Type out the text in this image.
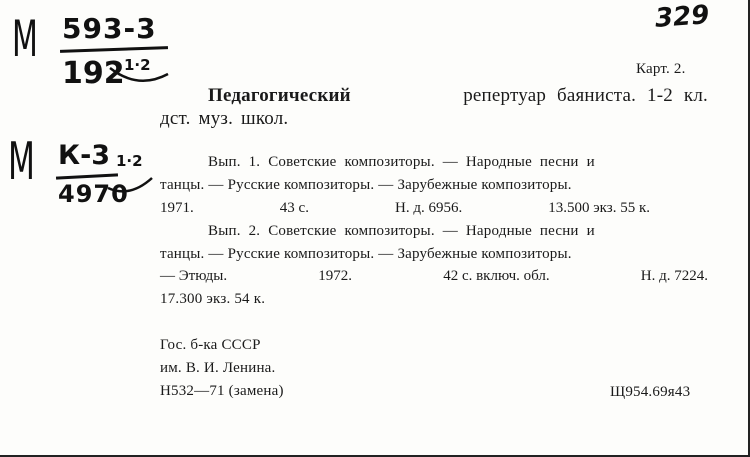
329
М 593-3
192 1·2
М К-3 1·2
4970
Карт. 2.
Педагогический	репертуар баяниста. 1-2 кл.
дст. муз. школ.
Вып. 1. Советские композиторы. — Народные песни и
танцы. — Русские композиторы. — Зарубежные композиторы.
1971.	43 с.	Н. д. 6956.	13.500 экз. 55 к.
Вып. 2. Советские композиторы. — Народные песни и
танцы. — Русские композиторы. — Зарубежные композиторы.
— Этюды.	1972.	42 с. включ. обл.	Н. д. 7224.
17.300 экз. 54 к.
Гос. б-ка СССР
им. В. И. Ленина.
Н532—71 (замена)	Щ954.69я43
